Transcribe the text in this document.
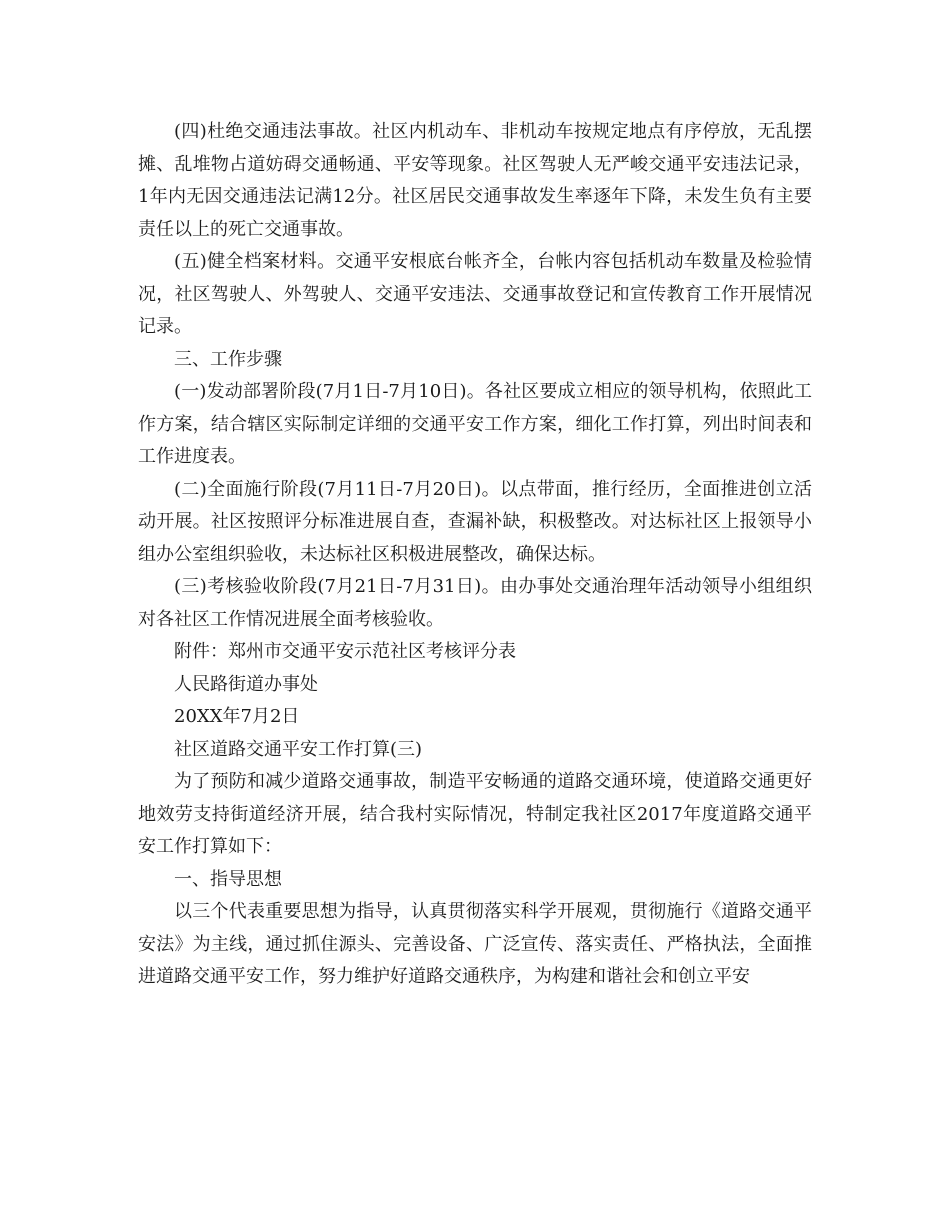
(四)杜绝交通违法事故。社区内机动车、非机动车按规定地点有序停放，无乱摆摊、乱堆物占道妨碍交通畅通、平安等现象。社区驾驶人无严峻交通平安违法记录，1年内无因交通违法记满12分。社区居民交通事故发生率逐年下降，未发生负有主要责任以上的死亡交通事故。

(五)健全档案材料。交通平安根底台帐齐全，台帐内容包括机动车数量及检验情况，社区驾驶人、外驾驶人、交通平安违法、交通事故登记和宣传教育工作开展情况记录。

三、工作步骤

(一)发动部署阶段(7月1日-7月10日)。各社区要成立相应的领导机构，依照此工作方案，结合辖区实际制定详细的交通平安工作方案，细化工作打算，列出时间表和工作进度表。

(二)全面施行阶段(7月11日-7月20日)。以点带面，推行经历，全面推进创立活动开展。社区按照评分标准进展自查，查漏补缺，积极整改。对达标社区上报领导小组办公室组织验收，未达标社区积极进展整改，确保达标。

(三)考核验收阶段(7月21日-7月31日)。由办事处交通治理年活动领导小组组织对各社区工作情况进展全面考核验收。

附件：郑州市交通平安示范社区考核评分表

人民路街道办事处

20XX年7月2日

社区道路交通平安工作打算(三)

为了预防和减少道路交通事故，制造平安畅通的道路交通环境，使道路交通更好地效劳支持街道经济开展，结合我村实际情况，特制定我社区2017年度道路交通平安工作打算如下：

一、指导思想

以三个代表重要思想为指导，认真贯彻落实科学开展观，贯彻施行《道路交通平安法》为主线，通过抓住源头、完善设备、广泛宣传、落实责任、严格执法，全面推进道路交通平安工作，努力维护好道路交通秩序，为构建和谐社会和创立平安
